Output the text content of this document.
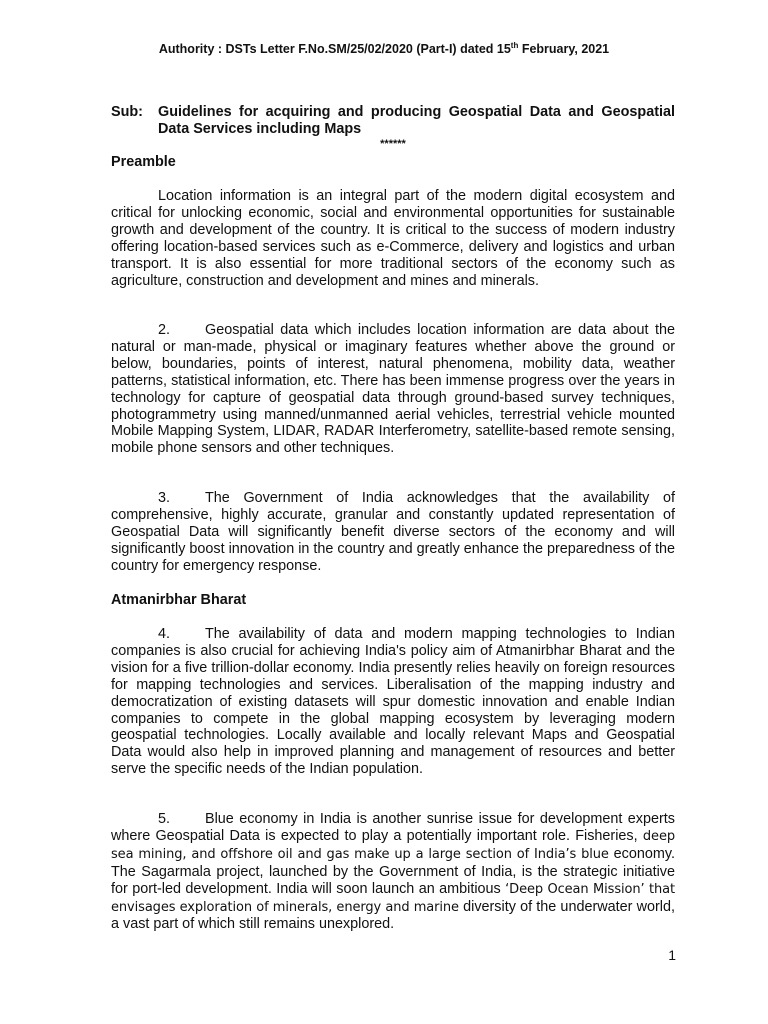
Authority : DSTs Letter F.No.SM/25/02/2020 (Part-I) dated 15th February, 2021
Sub:	Guidelines for acquiring and producing Geospatial Data and Geospatial Data Services including Maps
******
Preamble

Location information is an integral part of the modern digital ecosystem and critical for unlocking economic, social and environmental opportunities for sustainable growth and development of the country. It is critical to the success of modern industry offering location-based services such as e-Commerce, delivery and logistics and urban transport. It is also essential for more traditional sectors of the economy such as agriculture, construction and development and mines and minerals.

2. Geospatial data which includes location information are data about the natural or man-made, physical or imaginary features whether above the ground or below, boundaries, points of interest, natural phenomena, mobility data, weather patterns, statistical information, etc. There has been immense progress over the years in technology for capture of geospatial data through ground-based survey techniques, photogrammetry using manned/unmanned aerial vehicles, terrestrial vehicle mounted Mobile Mapping System, LIDAR, RADAR Interferometry, satellite-based remote sensing, mobile phone sensors and other techniques.

3. The Government of India acknowledges that the availability of comprehensive, highly accurate, granular and constantly updated representation of Geospatial Data will significantly benefit diverse sectors of the economy and will significantly boost innovation in the country and greatly enhance the preparedness of the country for emergency response.

Atmanirbhar Bharat

4. The availability of data and modern mapping technologies to Indian companies is also crucial for achieving India's policy aim of Atmanirbhar Bharat and the vision for a five trillion-dollar economy. India presently relies heavily on foreign resources for mapping technologies and services. Liberalisation of the mapping industry and democratization of existing datasets will spur domestic innovation and enable Indian companies to compete in the global mapping ecosystem by leveraging modern geospatial technologies. Locally available and locally relevant Maps and Geospatial Data would also help in improved planning and management of resources and better serve the specific needs of the Indian population.

5. Blue economy in India is another sunrise issue for development experts where Geospatial Data is expected to play a potentially important role. Fisheries, deep sea mining, and offshore oil and gas make up a large section of India’s blue economy. The Sagarmala project, launched by the Government of India, is the strategic initiative for port-led development. India will soon launch an ambitious ‘Deep Ocean Mission’ that envisages exploration of minerals, energy and marine diversity of the underwater world, a vast part of which still remains unexplored.

1
